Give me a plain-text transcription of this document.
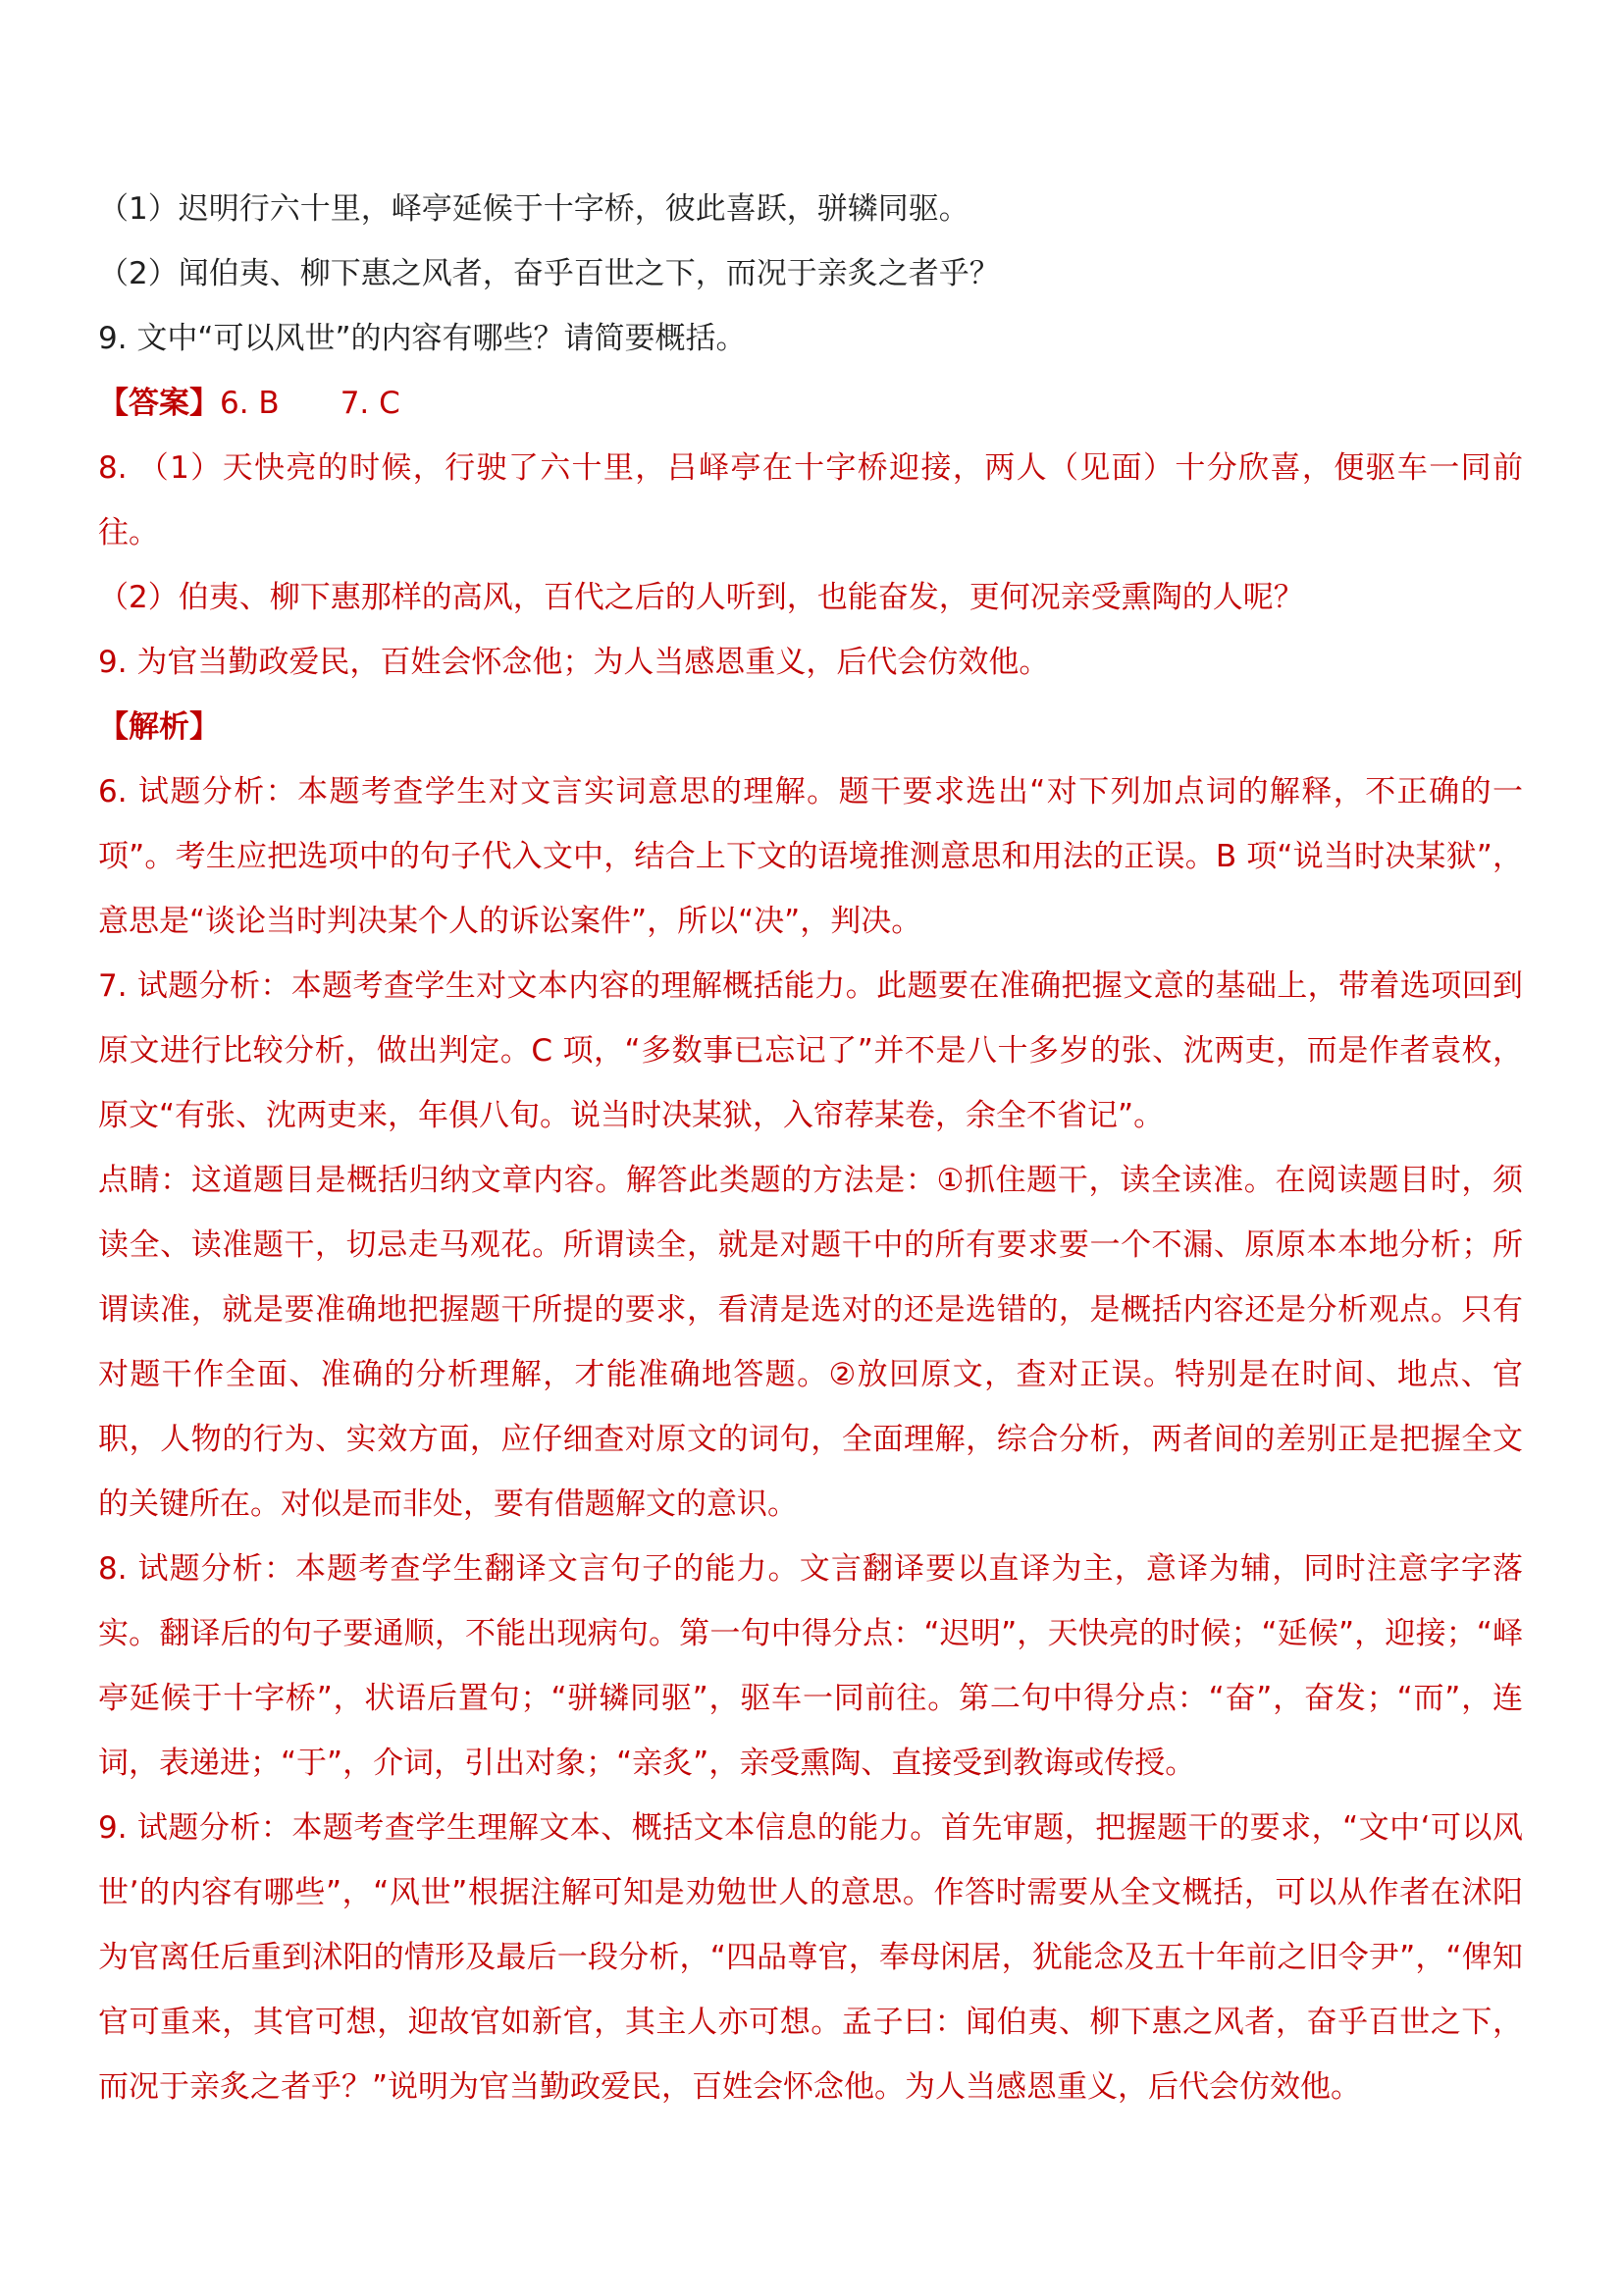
（1）迟明行六十里，峄亭延候于十字桥，彼此喜跃，骈辚同驱。
（2）闻伯夷、柳下惠之风者，奋乎百世之下，而况于亲炙之者乎？
9. 文中“可以风世”的内容有哪些？请简要概括。
【答案】6. B　　7. C
8. （1）天快亮的时候，行驶了六十里，吕峄亭在十字桥迎接，两人（见面）十分欣喜，便驱车一同前往。
（2）伯夷、柳下惠那样的高风，百代之后的人听到，也能奋发，更何况亲受熏陶的人呢？
9. 为官当勤政爱民，百姓会怀念他；为人当感恩重义，后代会仿效他。
【解析】
6. 试题分析：本题考查学生对文言实词意思的理解。题干要求选出“对下列加点词的解释，不正确的一项”。考生应把选项中的句子代入文中，结合上下文的语境推测意思和用法的正误。B 项“说当时决某狱”，意思是“谈论当时判决某个人的诉讼案件”，所以“决”，判决。
7. 试题分析：本题考查学生对文本内容的理解概括能力。此题要在准确把握文意的基础上，带着选项回到原文进行比较分析，做出判定。C 项，“多数事已忘记了”并不是八十多岁的张、沈两吏，而是作者袁枚，原文“有张、沈两吏来，年俱八旬。说当时决某狱，入帘荐某卷，余全不省记”。
点睛：这道题目是概括归纳文章内容。解答此类题的方法是：①抓住题干，读全读准。在阅读题目时，须读全、读准题干，切忌走马观花。所谓读全，就是对题干中的所有要求要一个不漏、原原本本地分析；所谓读准，就是要准确地把握题干所提的要求，看清是选对的还是选错的，是概括内容还是分析观点。只有对题干作全面、准确的分析理解，才能准确地答题。②放回原文，查对正误。特别是在时间、地点、官职，人物的行为、实效方面，应仔细查对原文的词句，全面理解，综合分析，两者间的差别正是把握全文的关键所在。对似是而非处，要有借题解文的意识。
8. 试题分析：本题考查学生翻译文言句子的能力。文言翻译要以直译为主，意译为辅，同时注意字字落实。翻译后的句子要通顺，不能出现病句。第一句中得分点：“迟明”，天快亮的时候；“延候”，迎接；“峄亭延候于十字桥”，状语后置句；“骈辚同驱”，驱车一同前往。第二句中得分点：“奋”，奋发；“而”，连词，表递进；“于”，介词，引出对象；“亲炙”，亲受熏陶、直接受到教诲或传授。
9. 试题分析：本题考查学生理解文本、概括文本信息的能力。首先审题，把握题干的要求，“文中‘可以风世’的内容有哪些”，“风世”根据注解可知是劝勉世人的意思。作答时需要从全文概括，可以从作者在沭阳为官离任后重到沭阳的情形及最后一段分析，“四品尊官，奉母闲居，犹能念及五十年前之旧令尹”，“俾知官可重来，其官可想，迎故官如新官，其主人亦可想。孟子曰：闻伯夷、柳下惠之风者，奋乎百世之下，而况于亲炙之者乎？”说明为官当勤政爱民，百姓会怀念他。为人当感恩重义，后代会仿效他。
